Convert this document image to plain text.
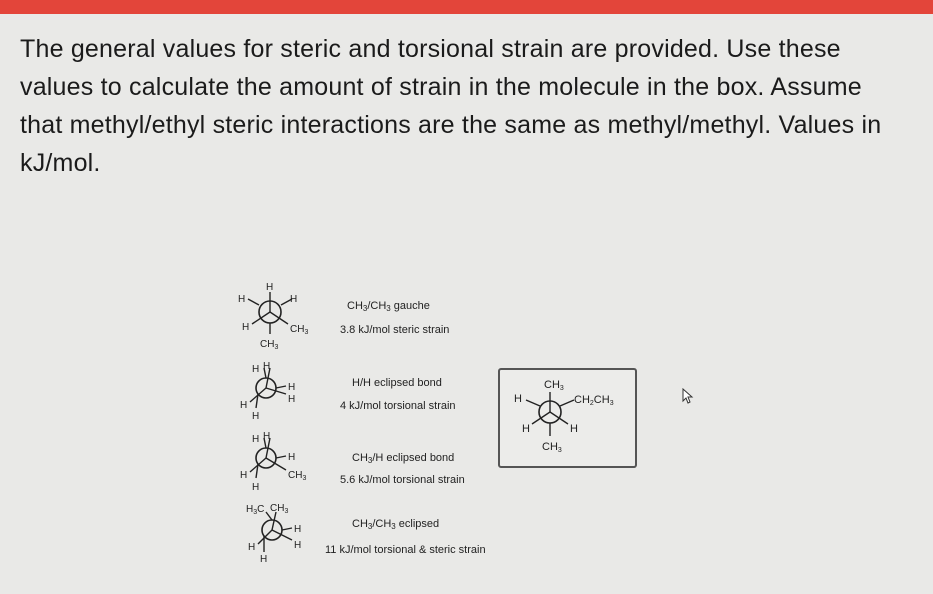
The general values for steric and torsional strain are provided. Use these values to calculate the amount of strain in the molecule in the box. Assume that methyl/ethyl steric interactions are the same as methyl/methyl. Values in kJ/mol.
H
H	H
H	$CH_3$
$CH_3$
$CH_3/CH_3$ gauche
3.8 kJ/mol steric strain
H H
H
H
H
H
H/H eclipsed bond
4 kJ/mol torsional strain
H H
H
$CH_3$
H
H
$CH_3/H$ eclipsed bond
5.6 kJ/mol torsional strain
$H_3C$ $CH_3$
H
H
H
H
$CH_3/CH_3$ eclipsed
11 kJ/mol torsional & steric strain
CH3
H	CH2CH3
H	H
CH3
